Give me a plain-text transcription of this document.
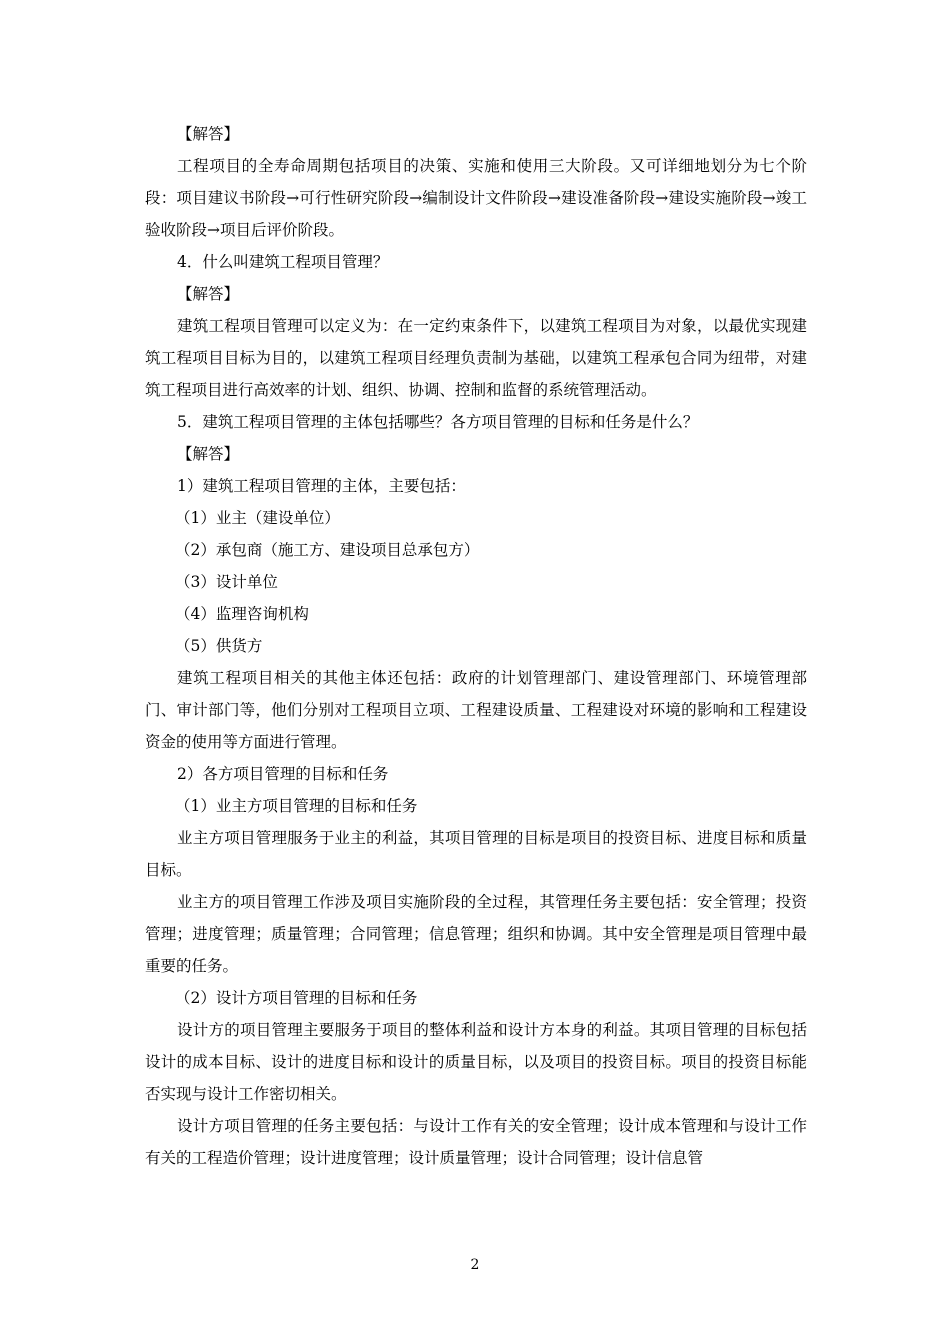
【解答】

工程项目的全寿命周期包括项目的决策、实施和使用三大阶段。又可详细地划分为七个阶段：项目建议书阶段→可行性研究阶段→编制设计文件阶段→建设准备阶段→建设实施阶段→竣工验收阶段→项目后评价阶段。

4．什么叫建筑工程项目管理？

【解答】

建筑工程项目管理可以定义为：在一定约束条件下，以建筑工程项目为对象，以最优实现建筑工程项目目标为目的，以建筑工程项目经理负责制为基础，以建筑工程承包合同为纽带，对建筑工程项目进行高效率的计划、组织、协调、控制和监督的系统管理活动。

5．建筑工程项目管理的主体包括哪些？各方项目管理的目标和任务是什么？

【解答】

1）建筑工程项目管理的主体，主要包括：

（1）业主（建设单位）

（2）承包商（施工方、建设项目总承包方）

（3）设计单位

（4）监理咨询机构

（5）供货方

建筑工程项目相关的其他主体还包括：政府的计划管理部门、建设管理部门、环境管理部门、审计部门等，他们分别对工程项目立项、工程建设质量、工程建设对环境的影响和工程建设资金的使用等方面进行管理。

2）各方项目管理的目标和任务

（1）业主方项目管理的目标和任务

业主方项目管理服务于业主的利益，其项目管理的目标是项目的投资目标、进度目标和质量目标。

业主方的项目管理工作涉及项目实施阶段的全过程，其管理任务主要包括：安全管理；投资管理；进度管理；质量管理；合同管理；信息管理；组织和协调。其中安全管理是项目管理中最重要的任务。

（2）设计方项目管理的目标和任务

设计方的项目管理主要服务于项目的整体利益和设计方本身的利益。其项目管理的目标包括设计的成本目标、设计的进度目标和设计的质量目标，以及项目的投资目标。项目的投资目标能否实现与设计工作密切相关。

设计方项目管理的任务主要包括：与设计工作有关的安全管理；设计成本管理和与设计工作有关的工程造价管理；设计进度管理；设计质量管理；设计合同管理；设计信息管

2
